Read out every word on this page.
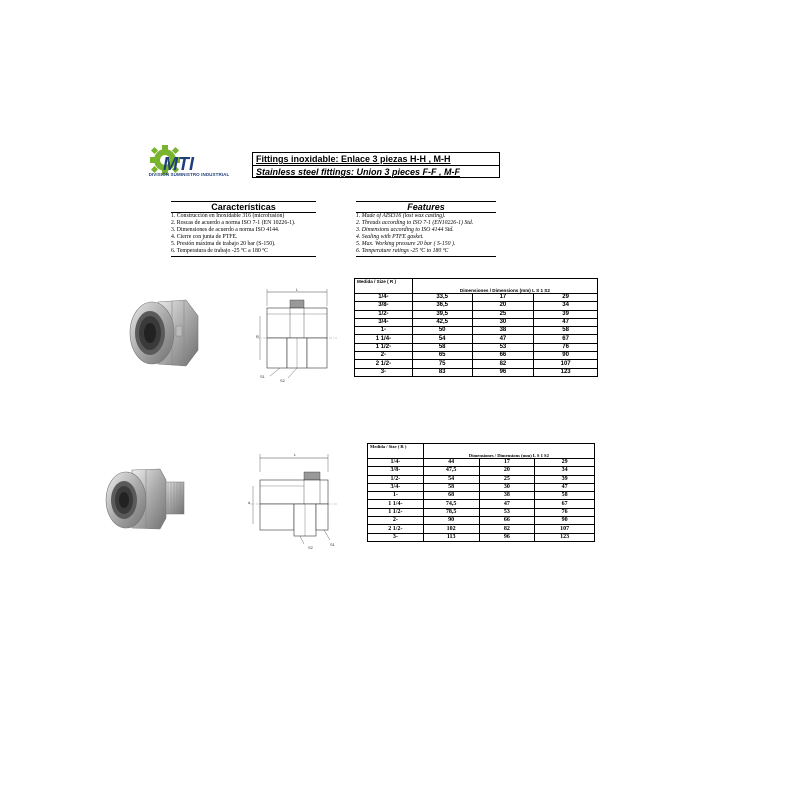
MTI
DIVISIÓN SUMINISTRO INDUSTRIAL
Fittings inoxidable: Enlace 3 piezas H-H , M-H
Stainless steel fittings: Union 3 pieces F-F , M-F
Características
1. Construcción en Inoxidable 316 (microfusión)
2. Roscas de acuerdo a norma ISO 7-1 (EN 10226-1).
3. Dimensiones de acuerdo a norma ISO 4144.
4. Cierre con junta de PTFE.
5. Presión máxima de trabajo 20 bar (S-150).
6. Temperatura de trabajo -25 ºC a 180 ºC
Features
1. Made of AISI316 (lost wax casting).
2. Threads according to ISO 7-1 (EN10226-1) Std.
3. Dimensions according to ISO 4144 Std.
4. Sealing with PTFE gasket.
5. Max. Working pressure 20 bar ( S-150 ).
6. Temperature ratings -25 ºC to 180 ºC
L
R
S1
S2
L
d
S2
S1
Medida / Size ( R )	Dimensiones / Dimensions (mm) L S 1 S2		
1/4-	33,5	17	29
3/8-	36,5	20	34
1/2-	39,5	25	39
3/4-	42,5	30	47
1-	50	38	58
1 1/4-	54	47	67
1 1/2-	58	53	76
2-	65	66	90
2 1/2-	75	82	107
3-	83	96	123
Medida / Size ( R )	Dimensiones / Dimensions (mm) L S 1 S2		
1/4-	44	17	29
3/8-	47,5	20	34
1/2-	54	25	39
3/4-	58	30	47
1-	68	38	58
1 1/4-	74,5	47	67
1 1/2-	78,5	53	76
2-	90	66	90
2 1/2-	102	82	107
3-	113	96	123
